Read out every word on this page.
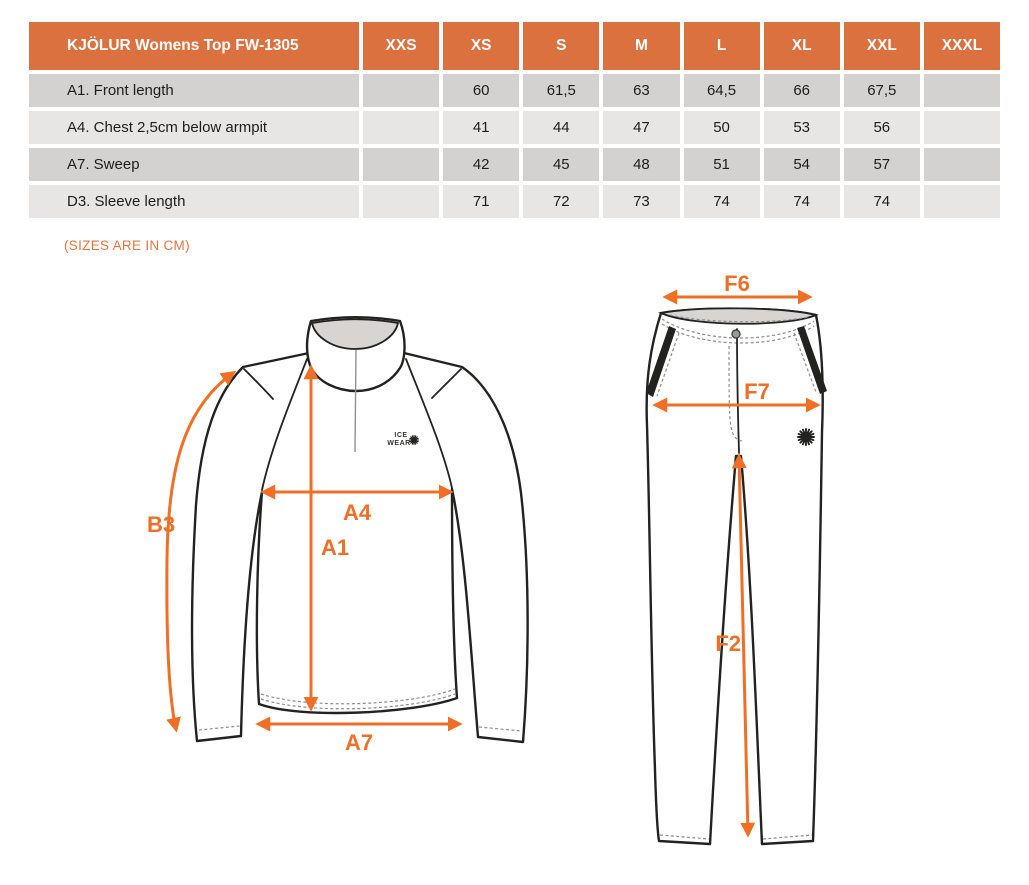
KJÖLUR Womens Top FW-1305	XXS	XS	S	M	L	XL	XXL	XXXL
A1. Front length		60	61,5	63	64,5	66	67,5	
A4. Chest 2,5cm below armpit		41	44	47	50	53	56	
A7. Sweep		42	45	48	51	54	57	
D3. Sleeve length		71	72	73	74	74	74	
(SIZES ARE IN CM)
ICE
WEAR
B3	A4
A1
A7
F6
F7
F2
